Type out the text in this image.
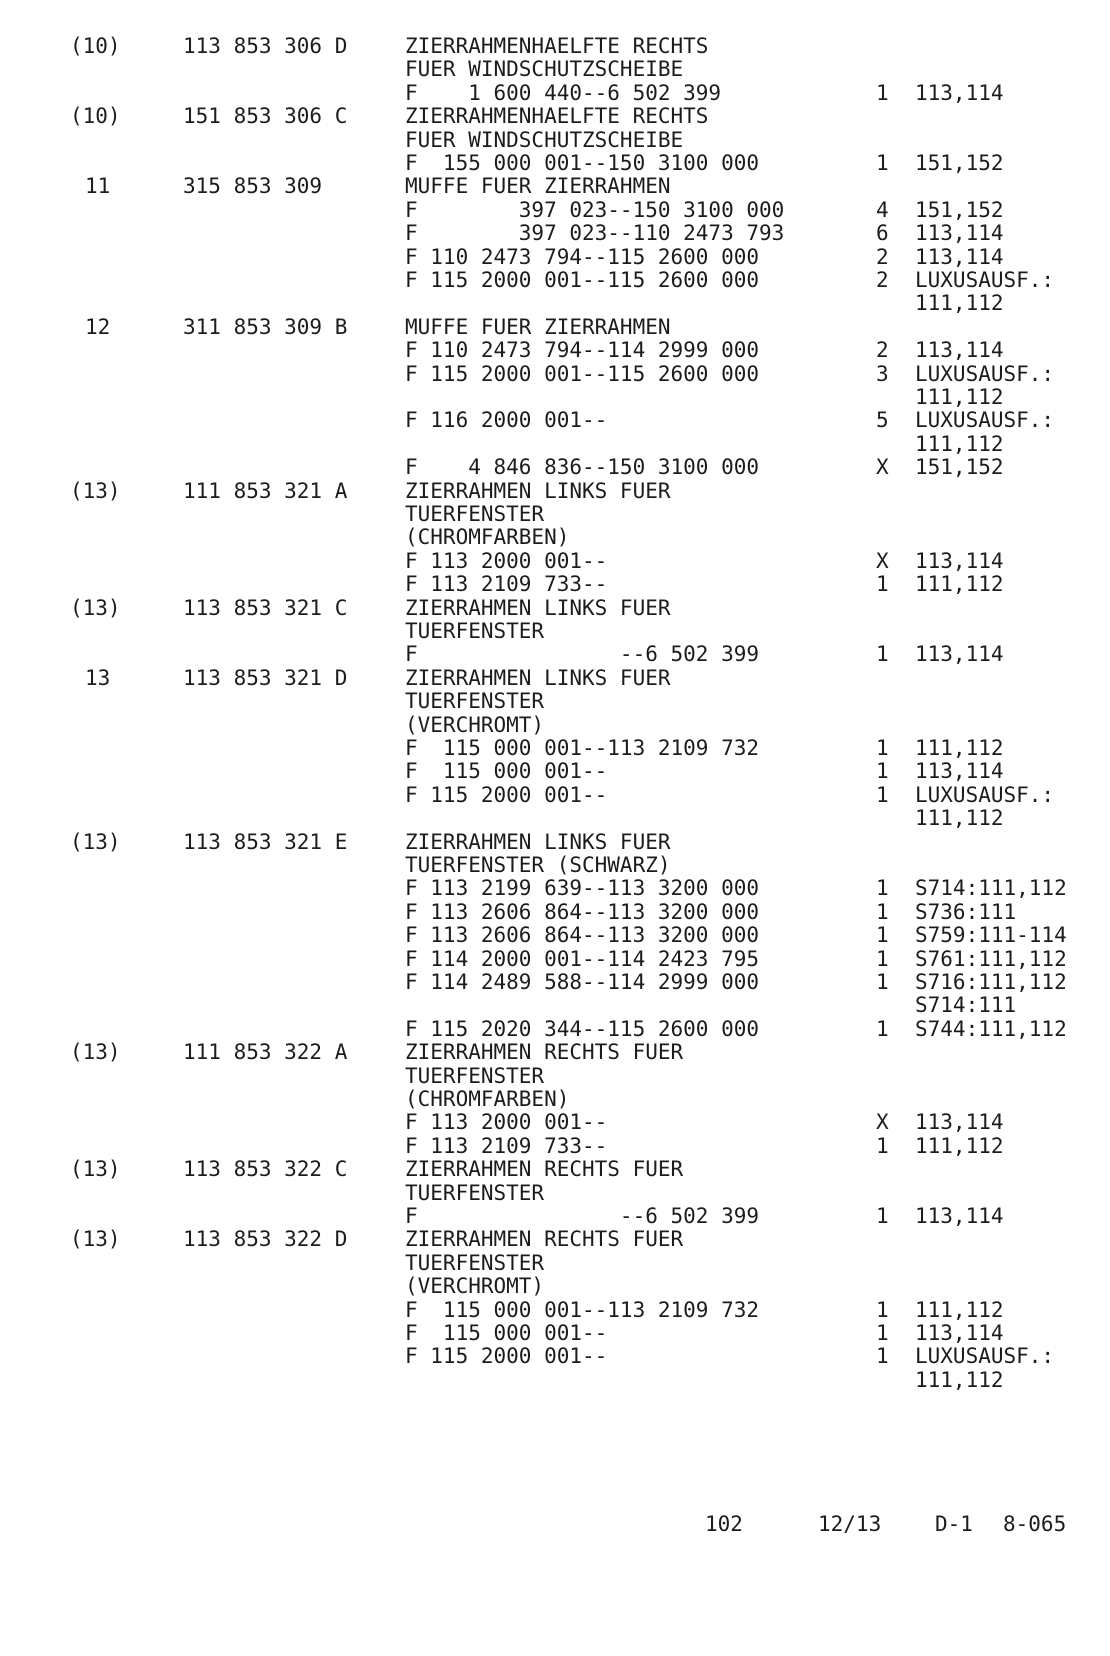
(10)	113 853 306 D	ZIERRAHMENHAELFTE RECHTS
FUER WINDSCHUTZSCHEIBE
F    1 600 440--6 502 399	1 113,114
(10)	151 853 306 C	ZIERRAHMENHAELFTE RECHTS
FUER WINDSCHUTZSCHEIBE
F  155 000 001--150 3100 000	1 151,152
11	315 853 309	MUFFE FUER ZIERRAHMEN
F        397 023--150 3100 000	4 151,152
F        397 023--110 2473 793	6 113,114
F 110 2473 794--115 2600 000	2 113,114
F 115 2000 001--115 2600 000	2 LUXUSAUSF.:
111,112
12	311 853 309 B	MUFFE FUER ZIERRAHMEN
F 110 2473 794--114 2999 000	2 113,114
F 115 2000 001--115 2600 000	3 LUXUSAUSF.:
111,112
F 116 2000 001--	5 LUXUSAUSF.:
111,112
F    4 846 836--150 3100 000	X 151,152
(13)	111 853 321 A	ZIERRAHMEN LINKS FUER
TUERFENSTER
(CHROMFARBEN)
F 113 2000 001--	X 113,114
F 113 2109 733--	1 111,112
(13)	113 853 321 C	ZIERRAHMEN LINKS FUER
TUERFENSTER
F                --6 502 399	1 113,114
13	113 853 321 D	ZIERRAHMEN LINKS FUER
TUERFENSTER
(VERCHROMT)
F  115 000 001--113 2109 732	1 111,112
F  115 000 001--	1 113,114
F 115 2000 001--	1 LUXUSAUSF.:
111,112
(13)	113 853 321 E	ZIERRAHMEN LINKS FUER
TUERFENSTER (SCHWARZ)
F 113 2199 639--113 3200 000	1 S714:111,112
F 113 2606 864--113 3200 000	1 S736:111
F 113 2606 864--113 3200 000	1 S759:111-114
F 114 2000 001--114 2423 795	1 S761:111,112
F 114 2489 588--114 2999 000	1 S716:111,112
S714:111
F 115 2020 344--115 2600 000	1 S744:111,112
(13)	111 853 322 A	ZIERRAHMEN RECHTS FUER
TUERFENSTER
(CHROMFARBEN)
F 113 2000 001--	X 113,114
F 113 2109 733--	1 111,112
(13)	113 853 322 C	ZIERRAHMEN RECHTS FUER
TUERFENSTER
F                --6 502 399	1 113,114
(13)	113 853 322 D	ZIERRAHMEN RECHTS FUER
TUERFENSTER
(VERCHROMT)
F  115 000 001--113 2109 732	1 111,112
F  115 000 001--	1 113,114
F 115 2000 001--	1 LUXUSAUSF.:
111,112

102

	12/13

	D-1

8-065
